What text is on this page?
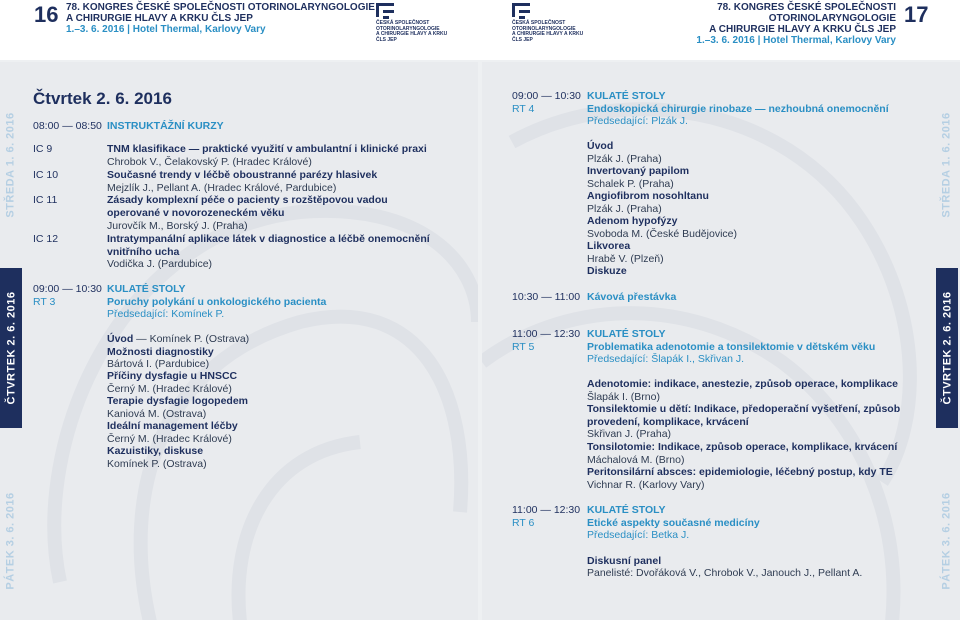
16 78. KONGRES ČESKÉ SPOLEČNOSTI OTORINOLARYNGOLOGIE
A CHIRURGIE HLAVY A KRKU ČLS JEP
1.–3. 6. 2016 | Hotel Thermal, Karlovy Vary
ČESKÁ SPOLEČNOST
OTORINOLARYNGOLOGIE
A CHIRURGIE HLAVY A KRKU
ČLS JEP
ČESKÁ SPOLEČNOST
OTORINOLARYNGOLOGIE
A CHIRURGIE HLAVY A KRKU
ČLS JEP
78. KONGRES ČESKÉ SPOLEČNOSTI OTORINOLARYNGOLOGIE
A CHIRURGIE HLAVY A KRKU ČLS JEP
1.–3. 6. 2016 | Hotel Thermal, Karlovy Vary
17
STŘEDA 1. 6. 2016
ČTVRTEK 2. 6. 2016
PÁTEK 3. 6. 2016
Čtvrtek 2. 6. 2016
08:00 — 08:50 INSTRUKTÁŽNÍ KURZY
IC 9	TNM klasifikace — praktické využití v ambulantní i klinické praxi
Chrobok V., Čelakovský P. (Hradec Králové)
IC 10	Současné trendy v léčbě oboustranné parézy hlasivek
Mejzlík J., Pellant A. (Hradec Králové, Pardubice)
IC 11	Zásady komplexní péče o pacienty s rozštěpovou vadou
operované v novorozeneckém věku
Jurovčík M., Borský J. (Praha)
IC 12	Intratympanální aplikace látek v diagnostice a léčbě onemocnění
vnitřního ucha
Vodička J. (Pardubice)
09:00 — 10:30 KULATÉ STOLY
RT 3	Poruchy polykání u onkologického pacienta
Předsedající: Komínek P.
Úvod — Komínek P. (Ostrava)
Možnosti diagnostiky
Bártová I. (Pardubice)
Příčiny dysfagie u HNSCC
Černý M. (Hradec Králové)
Terapie dysfagie logopedem
Kaniová M. (Ostrava)
Ideální management léčby
Černý M. (Hradec Králové)
Kazuistiky, diskuse
Komínek P. (Ostrava)
STŘEDA 1. 6. 2016
ČTVRTEK 2. 6. 2016
PÁTEK 3. 6. 2016
09:00 — 10:30 KULATÉ STOLY
RT 4	Endoskopická chirurgie rinobaze — nezhoubná onemocnění
Předsedající: Plzák J.
Úvod
Plzák J. (Praha)
Invertovaný papilom
Schalek P. (Praha)
Angiofibrom nosohltanu
Plzák J. (Praha)
Adenom hypofýzy
Svoboda M. (České Budějovice)
Likvorea
Hrabě V. (Plzeň)
Diskuze
10:30 — 11:00 Kávová přestávka
11:00 — 12:30 KULATÉ STOLY
RT 5	Problematika adenotomie a tonsilektomie v dětském věku
Předsedající: Šlapák I., Skřivan J.
Adenotomie: indikace, anestezie, způsob operace, komplikace
Šlapák I. (Brno)
Tonsilektomie u dětí: Indikace, předoperační vyšetření, způsob
provedení, komplikace, krvácení
Skřivan J. (Praha)
Tonsilotomie: Indikace, způsob operace, komplikace, krvácení
Máchalová M. (Brno)
Peritonsilární absces: epidemiologie, léčebný postup, kdy TE
Vichnar R. (Karlovy Vary)
11:00 — 12:30 KULATÉ STOLY
RT 6	Etické aspekty současné medicíny
Předsedající: Betka J.
Diskusní panel
Panelisté: Dvořáková V., Chrobok V., Janouch J., Pellant A.
